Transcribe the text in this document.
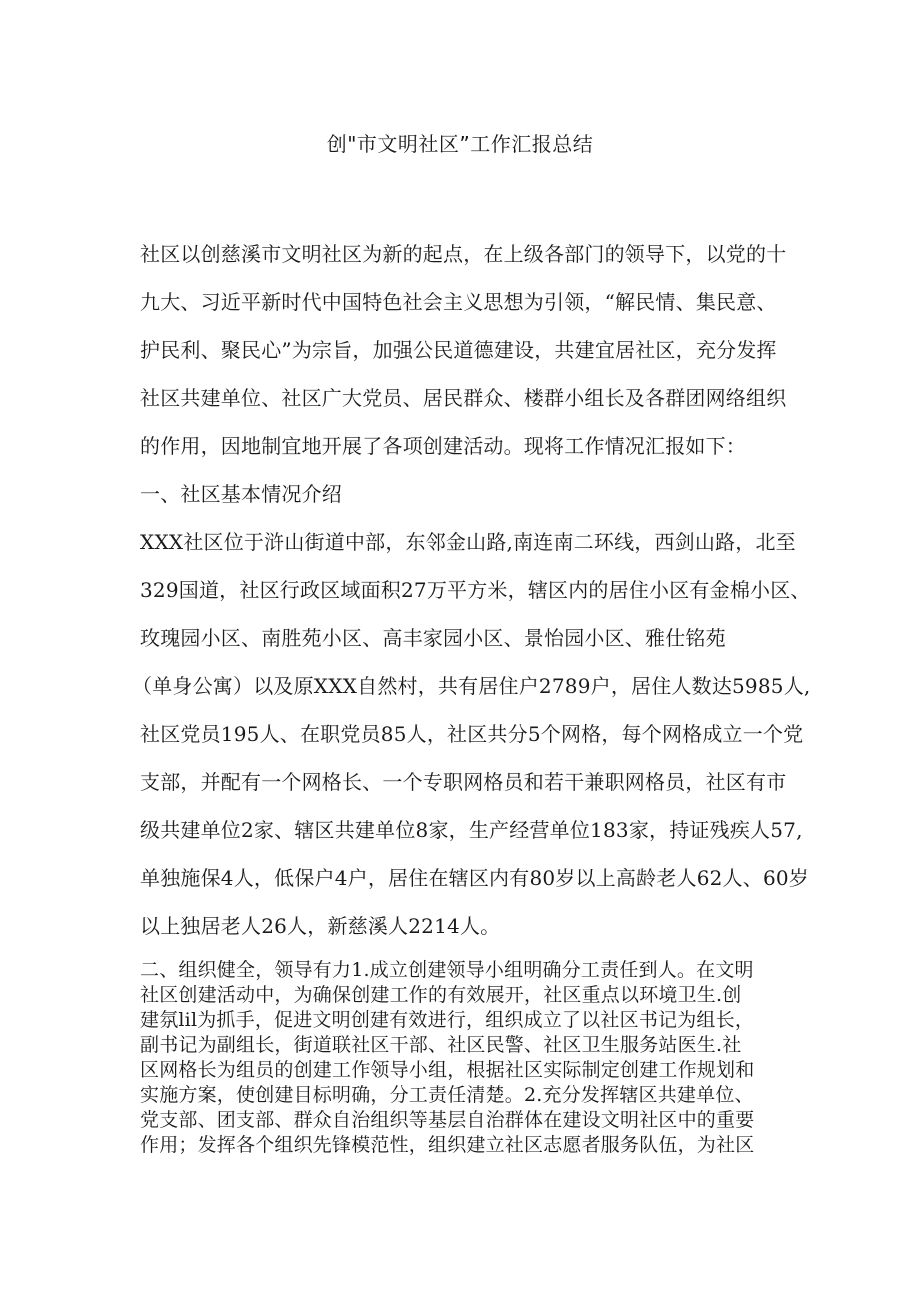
创"市文明社区”工作汇报总结
社区以创慈溪市文明社区为新的起点，在上级各部门的领导下，以党的十
九大、习近平新时代中国特色社会主义思想为引领，“解民情、集民意、
护民利、聚民心”为宗旨，加强公民道德建设，共建宜居社区，充分发挥
社区共建单位、社区广大党员、居民群众、楼群小组长及各群团网络组织
的作用，因地制宜地开展了各项创建活动。现将工作情况汇报如下：
一、社区基本情况介绍
XXX社区位于浒山街道中部，东邻金山路,南连南二环线，西剑山路，北至
329国道，社区行政区域面积27万平方米，辖区内的居住小区有金棉小区、
玫瑰园小区、南胜苑小区、高丰家园小区、景怡园小区、雅仕铭苑
（单身公寓）以及原XXX自然村，共有居住户2789户，居住人数达5985人,
社区党员195人、在职党员85人，社区共分5个网格，每个网格成立一个党
支部，并配有一个网格长、一个专职网格员和若干兼职网格员，社区有市
级共建单位2家、辖区共建单位8家，生产经营单位183家，持证残疾人57,
单独施保4人，低保户4户，居住在辖区内有80岁以上高龄老人62人、60岁
以上独居老人26人，新慈溪人2214人。
二、组织健全，领导有力1.成立创建领导小组明确分工责任到人。在文明
社区创建活动中，为确保创建工作的有效展开，社区重点以环境卫生.创
建氛lil为抓手，促进文明创建有效进行，组织成立了以社区书记为组长，
副书记为副组长，街道联社区干部、社区民警、社区卫生服务站医生.社
区网格长为组员的创建工作领导小组，根据社区实际制定创建工作规划和
实施方案，使创建目标明确，分工责任清楚。2.充分发挥辖区共建单位、
党支部、团支部、群众自治组织等基层自治群体在建设文明社区中的重要
作用；发挥各个组织先锋模范性，组织建立社区志愿者服务队伍，为社区
